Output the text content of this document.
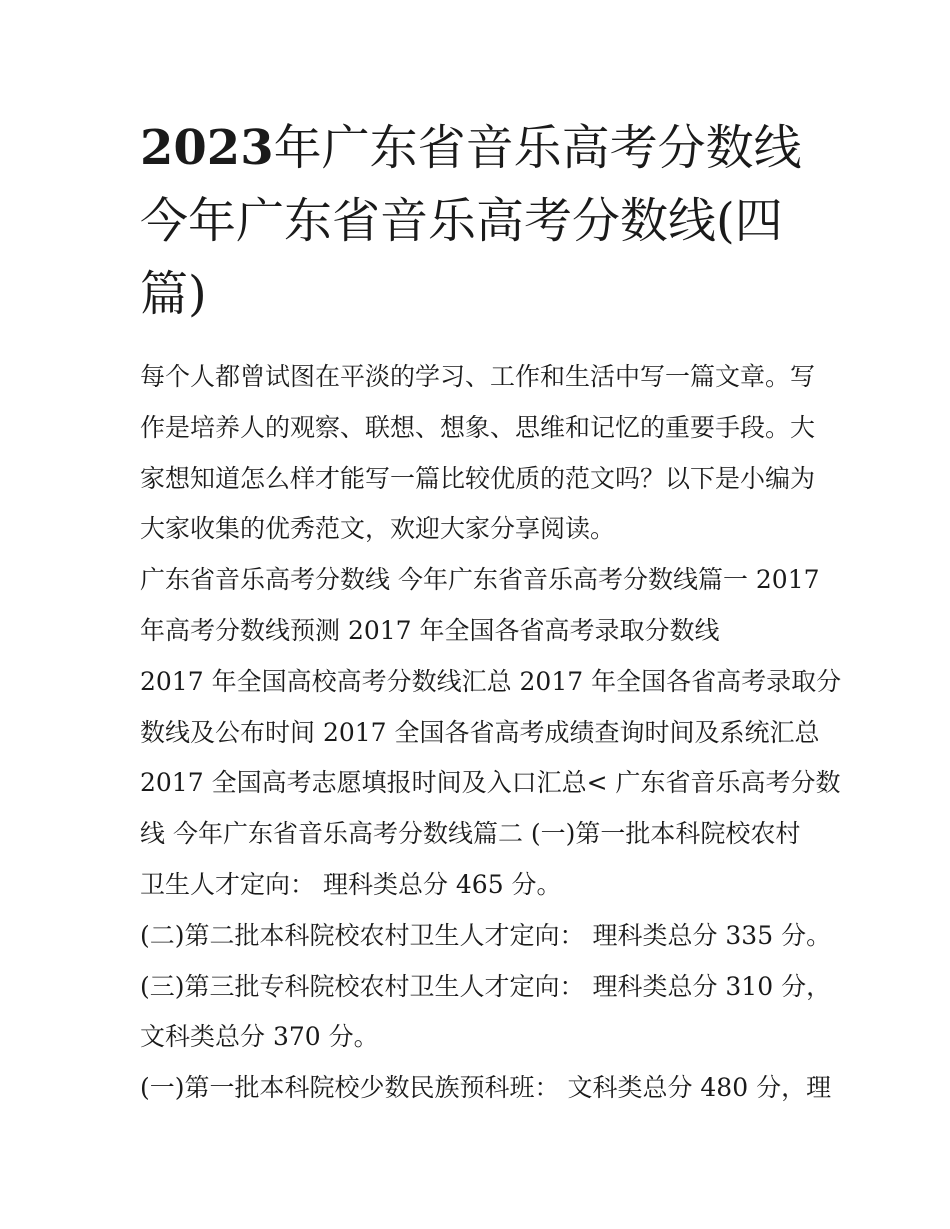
2023年广东省音乐高考分数线
今年广东省音乐高考分数线(四
篇)

每个人都曾试图在平淡的学习、工作和生活中写一篇文章。写
作是培养人的观察、联想、想象、思维和记忆的重要手段。大
家想知道怎么样才能写一篇比较优质的范文吗？以下是小编为
大家收集的优秀范文，欢迎大家分享阅读。

广东省音乐高考分数线 今年广东省音乐高考分数线篇一 2017
年高考分数线预测 2017 年全国各省高考录取分数线

2017 年全国高校高考分数线汇总 2017 年全国各省高考录取分
数线及公布时间 2017 全国各省高考成绩查询时间及系统汇总
2017 全国高考志愿填报时间及入口汇总< 广东省音乐高考分数
线 今年广东省音乐高考分数线篇二 (一)第一批本科院校农村
卫生人才定向： 理科类总分 465 分。

(二)第二批本科院校农村卫生人才定向： 理科类总分 335 分。

(三)第三批专科院校农村卫生人才定向： 理科类总分 310 分，
文科类总分 370 分。

(一)第一批本科院校少数民族预科班： 文科类总分 480 分，理
